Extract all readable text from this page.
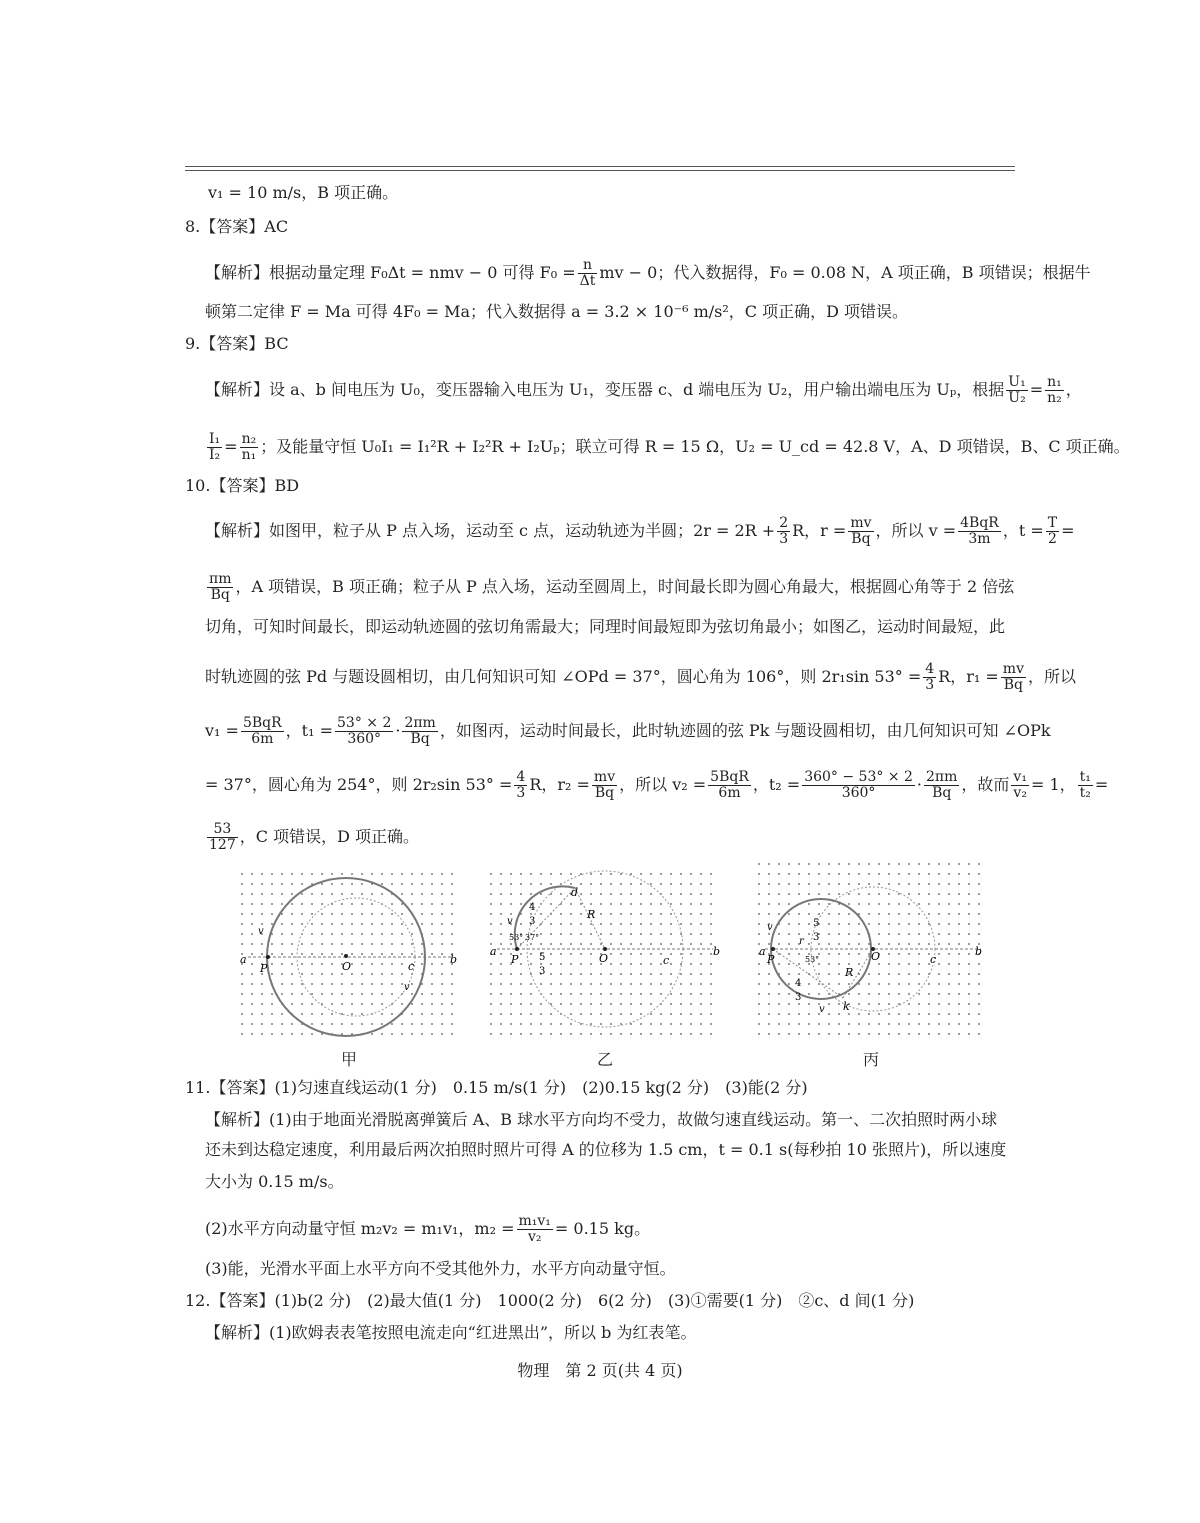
v₁ = 10 m/s，B 项正确。
8.【答案】AC
【解析】根据动量定理 F₀Δt = nmv − 0 可得 $F_0 = \frac{n}{\Delta t}$ mv − 0；代入数据得，F₀ = 0.08 N，A 项正确，B 项错误；根据牛
顿第二定律 F = Ma 可得 4F₀ = Ma；代入数据得 a = 3.2 × 10⁻⁶ m/s²，C 项正确，D 项错误。
9.【答案】BC
【解析】设 a、b 间电压为 U₀，变压器输入电压为 U₁，变压器 c、d 端电压为 U₂，用户输出端电压为 Uₚ，根据 $\frac{\text{U₁}}{\text{U₂}} = \frac{\text{n₁}}{\text{n₂}}$ ，
$\frac{\text{I₁}}{\text{I₂}} = \frac{\text{n₂}}{\text{n₁}}$ ；及能量守恒 U₀I₁ = I₁²R + I₂²R + I₂Uₚ；联立可得 R = 15 Ω，U₂ = U_cd = 42.8 V，A、D 项错误，B、C 项正确。
10.【答案】BD
【解析】如图甲，粒子从 P 点入场，运动至 c 点，运动轨迹为半圆；$2r = 2R + \frac{2}{3}$ R，$r = \frac{mv}{Bq}$ ，所以 $v = \frac{\text{4BqR}}{3m}$ ，$t = \frac{T}{2}$ =
$\frac{\pi m}{Bq}$ ，A 项错误，B 项正确；粒子从 P 点入场，运动至圆周上，时间最长即为圆心角最大，根据圆心角等于 2 倍弦
切角，可知时间最长，即运动轨迹圆的弦切角需最大；同理时间最短即为弦切角最小；如图乙，运动时间最短，此
时轨迹圆的弦 Pd 与题设圆相切，由几何知识可知 ∠OPd = 37°，圆心角为 106°，则 2r₁sin $53^\circ = \frac{4}{3}$ R，$r_1 = \frac{mv}{Bq}$ ，所以
$v_1 = \frac{\text{5BqR}}{6m}$ ，$t_1 = \frac{53^\circ \times 2}{360^\circ} \cdot \frac{2\pi m}{Bq}$ ，如图丙，运动时间最长，此时轨迹圆的弦 Pk 与题设圆相切，由几何知识可知 ∠OPk
= 37°，圆心角为 254°，则 2r₂sin $53^\circ = \frac{4}{3}$ R，$r_2 = \frac{mv}{Bq}$ ，所以 $v_2 = \frac{\text{5BqR}}{6m}$ ，$t_2 = \frac{360^\circ - 53^\circ \times 2}{360^\circ} \cdot \frac{2\pi m}{Bq}$ ，故而 $\frac{\text{v₁}}{\text{v₂}} = 1$， $\frac{\text{t₁}}{\text{t₂}}$ =
$\frac{53}{127}$ ，C 项错误，D 项正确。
a	b
P	O	c
v
v
a	b
P	O	c
d
R
v
4
3
53° 37°
5
3
a	b
P	O	c
k
R
r
v
v
5
3
4
3
53°
甲	乙	丙
11.【答案】(1)匀速直线运动(1 分)　0.15 m/s(1 分)　(2)0.15 kg(2 分)　(3)能(2 分)
【解析】(1)由于地面光滑脱离弹簧后 A、B 球水平方向均不受力，故做匀速直线运动。第一、二次拍照时两小球
还未到达稳定速度，利用最后两次拍照时照片可得 A 的位移为 1.5 cm，t = 0.1 s(每秒拍 10 张照片)，所以速度
大小为 0.15 m/s。
(2)水平方向动量守恒 m₂v₂ = m₁v₁，$m_2 = \frac{\text{m₁v₁}}{\text{v₂}} = 0.15$ kg。
(3)能，光滑水平面上水平方向不受其他外力，水平方向动量守恒。
12.【答案】(1)b(2 分)　(2)最大值(1 分)　1000(2 分)　6(2 分)　(3)①需要(1 分)　②c、d 间(1 分)
【解析】(1)欧姆表表笔按照电流走向“红进黑出”，所以 b 为红表笔。
物理　第 2 页(共 4 页)
